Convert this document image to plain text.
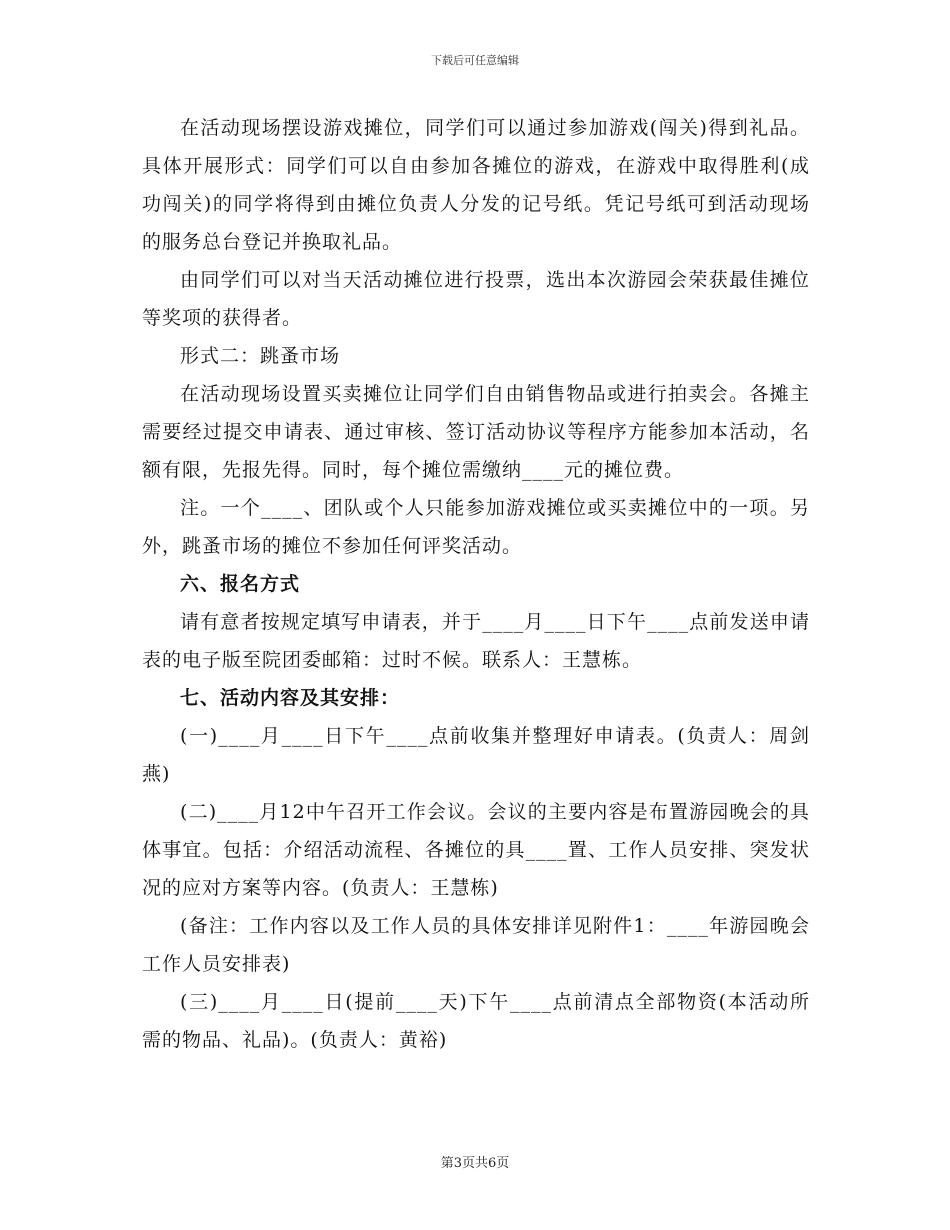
下载后可任意编辑

在活动现场摆设游戏摊位，同学们可以通过参加游戏(闯关)得到礼品。具体开展形式：同学们可以自由参加各摊位的游戏，在游戏中取得胜利(成功闯关)的同学将得到由摊位负责人分发的记号纸。凭记号纸可到活动现场的服务总台登记并换取礼品。

由同学们可以对当天活动摊位进行投票，选出本次游园会荣获最佳摊位等奖项的获得者。

形式二：跳蚤市场

在活动现场设置买卖摊位让同学们自由销售物品或进行拍卖会。各摊主需要经过提交申请表、通过审核、签订活动协议等程序方能参加本活动，名额有限，先报先得。同时，每个摊位需缴纳____元的摊位费。

注。一个____、团队或个人只能参加游戏摊位或买卖摊位中的一项。另外，跳蚤市场的摊位不参加任何评奖活动。

六、报名方式

请有意者按规定填写申请表，并于____月____日下午____点前发送申请表的电子版至院团委邮箱：过时不候。联系人：王慧栋。

七、活动内容及其安排：

(一)____月____日下午____点前收集并整理好申请表。(负责人：周剑燕)

(二)____月12中午召开工作会议。会议的主要内容是布置游园晚会的具体事宜。包括：介绍活动流程、各摊位的具____置、工作人员安排、突发状况的应对方案等内容。(负责人：王慧栋)

(备注：工作内容以及工作人员的具体安排详见附件1：____年游园晚会工作人员安排表)

(三)____月____日(提前____天)下午____点前清点全部物资(本活动所需的物品、礼品)。(负责人：黄裕)

第3页共6页
